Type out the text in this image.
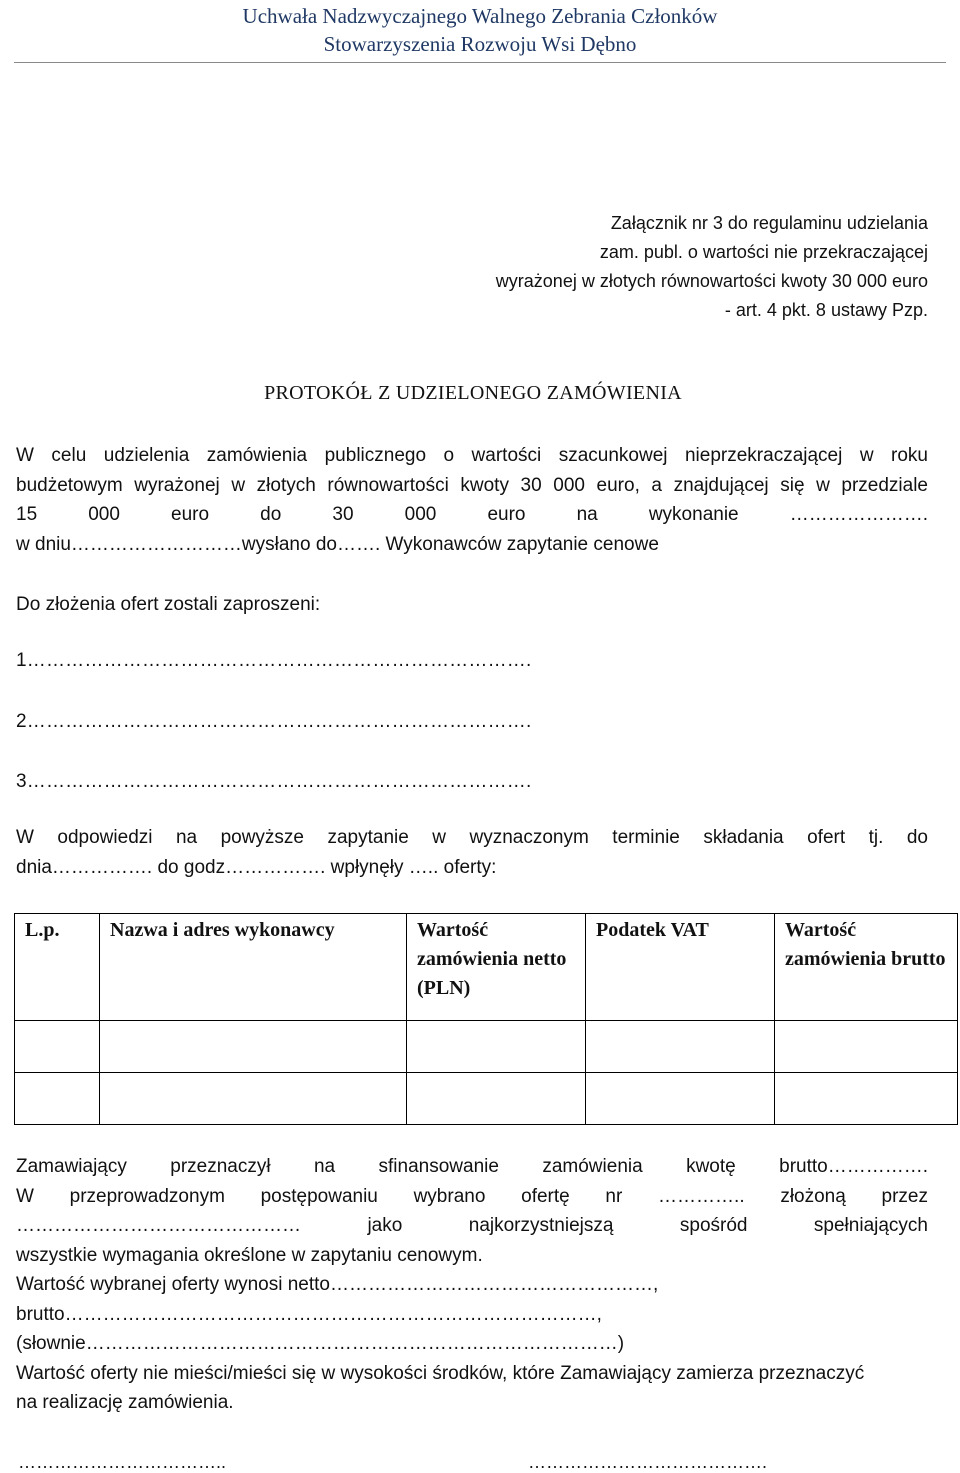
Uchwała Nadzwyczajnego Walnego Zebrania Członków
Stowarzyszenia Rozwoju Wsi Dębno
Załącznik nr 3 do regulaminu udzielania
zam. publ. o wartości nie przekraczającej
wyrażonej w złotych równowartości kwoty 30 000 euro
- art. 4 pkt. 8 ustawy Pzp.
PROTOKÓŁ Z UDZIELONEGO ZAMÓWIENIA
W celu udzielenia zamówienia publicznego o wartości szacunkowej nieprzekraczającej w roku
budżetowym wyrażonej w złotych równowartości kwoty 30 000 euro, a znajdującej się w przedziale
15 000 euro do 30 000 euro na wykonanie ………………….
w dniu………………………wysłano do……. Wykonawców zapytanie cenowe
Do złożenia ofert zostali zaproszeni:
1…………………………………………………………………….
2…………………………………………………………………….
3…………………………………………………………………….
W odpowiedzi na powyższe zapytanie w wyznaczonym terminie składania ofert tj. do
dnia……………. do godz……………. wpłynęły ….. oferty:
L.p.	Nazwa i adres wykonawcy	Wartość zamówienia netto (PLN)	Podatek VAT	Wartość zamówienia brutto

Zamawiający przeznaczył na sfinansowanie zamówienia kwotę brutto…………….
W przeprowadzonym postępowaniu wybrano ofertę nr ………….. złożoną przez
……………………………………… jako najkorzystniejszą spośród spełniających
wszystkie wymagania określone w zapytaniu cenowym.
Wartość wybranej oferty wynosi netto……………………………………………,
brutto…………………………………………………………………………,
(słownie…………………………………………………………………………)
Wartość oferty nie mieści/mieści się w wysokości środków, które Zamawiający zamierza przeznaczyć
na realizację zamówienia.
……………………………..	………………………………….
